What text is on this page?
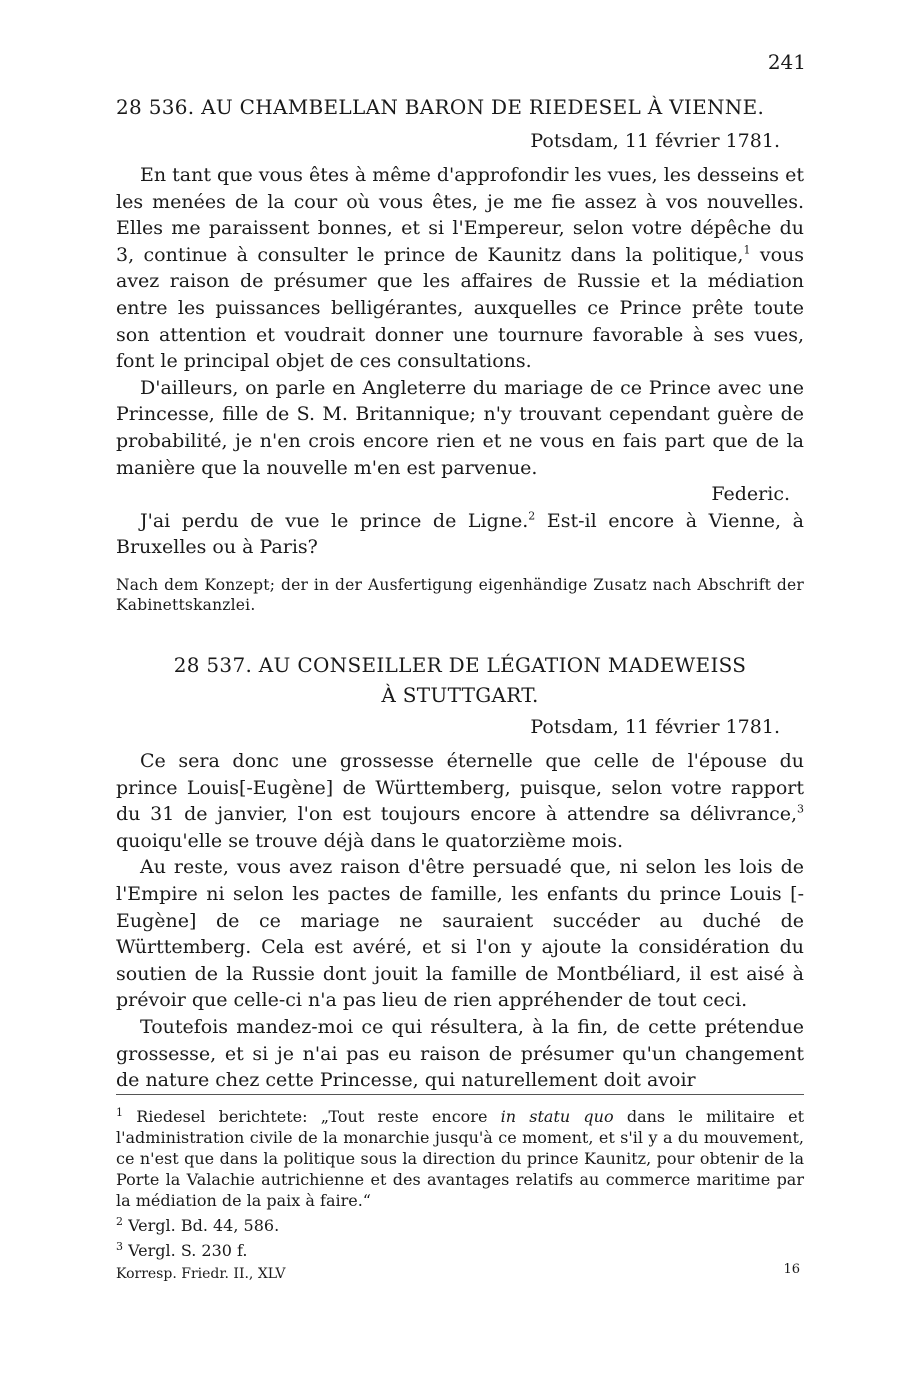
241
28 536. AU CHAMBELLAN BARON DE RIEDESEL À VIENNE.
Potsdam, 11 février 1781.

En tant que vous êtes à même d'approfondir les vues, les desseins et les menées de la cour où vous êtes, je me fie assez à vos nouvelles. Elles me paraissent bonnes, et si l'Empereur, selon votre dépêche du 3, continue à consulter le prince de Kaunitz dans la politique,$^1$ vous avez raison de présumer que les affaires de Russie et la médiation entre les puissances belligérantes, auxquelles ce Prince prête toute son attention et voudrait donner une tournure favorable à ses vues, font le principal objet de ces consultations.

D'ailleurs, on parle en Angleterre du mariage de ce Prince avec une Princesse, fille de S. M. Britannique; n'y trouvant cependant guère de probabilité, je n'en crois encore rien et ne vous en fais part que de la manière que la nouvelle m'en est parvenue.

Federic.

J'ai perdu de vue le prince de Ligne.$^2$ Est-il encore à Vienne, à Bruxelles ou à Paris?

Nach dem Konzept; der in der Ausfertigung eigenhändige Zusatz nach Abschrift der Kabinettskanzlei.
28 537. AU CONSEILLER DE LÉGATION MADEWEISS
À STUTTGART.
Potsdam, 11 février 1781.

Ce sera donc une grossesse éternelle que celle de l'épouse du prince Louis[-Eugène] de Württemberg, puisque, selon votre rapport du 31 de janvier, l'on est toujours encore à attendre sa délivrance,$^3$ quoiqu'elle se trouve déjà dans le quatorzième mois.

Au reste, vous avez raison d'être persuadé que, ni selon les lois de l'Empire ni selon les pactes de famille, les enfants du prince Louis [-Eugène] de ce mariage ne sauraient succéder au duché de Württemberg. Cela est avéré, et si l'on y ajoute la considération du soutien de la Russie dont jouit la famille de Montbéliard, il est aisé à prévoir que celle-ci n'a pas lieu de rien appréhender de tout ceci.

Toutefois mandez-moi ce qui résultera, à la fin, de cette prétendue grossesse, et si je n'ai pas eu raison de présumer qu'un changement de nature chez cette Princesse, qui naturellement doit avoir

$^1$ Riedesel berichtete: „Tout reste encore in statu quo dans le militaire et l'administration civile de la monarchie jusqu'à ce moment, et s'il y a du mouvement, ce n'est que dans la politique sous la direction du prince Kaunitz, pour obtenir de la Porte la Valachie autrichienne et des avantages relatifs au commerce maritime par la médiation de la paix à faire.“
$^2$ Vergl. Bd. 44, 586.
$^3$ Vergl. S. 230 f.
Korresp. Friedr. II., XLV	16
